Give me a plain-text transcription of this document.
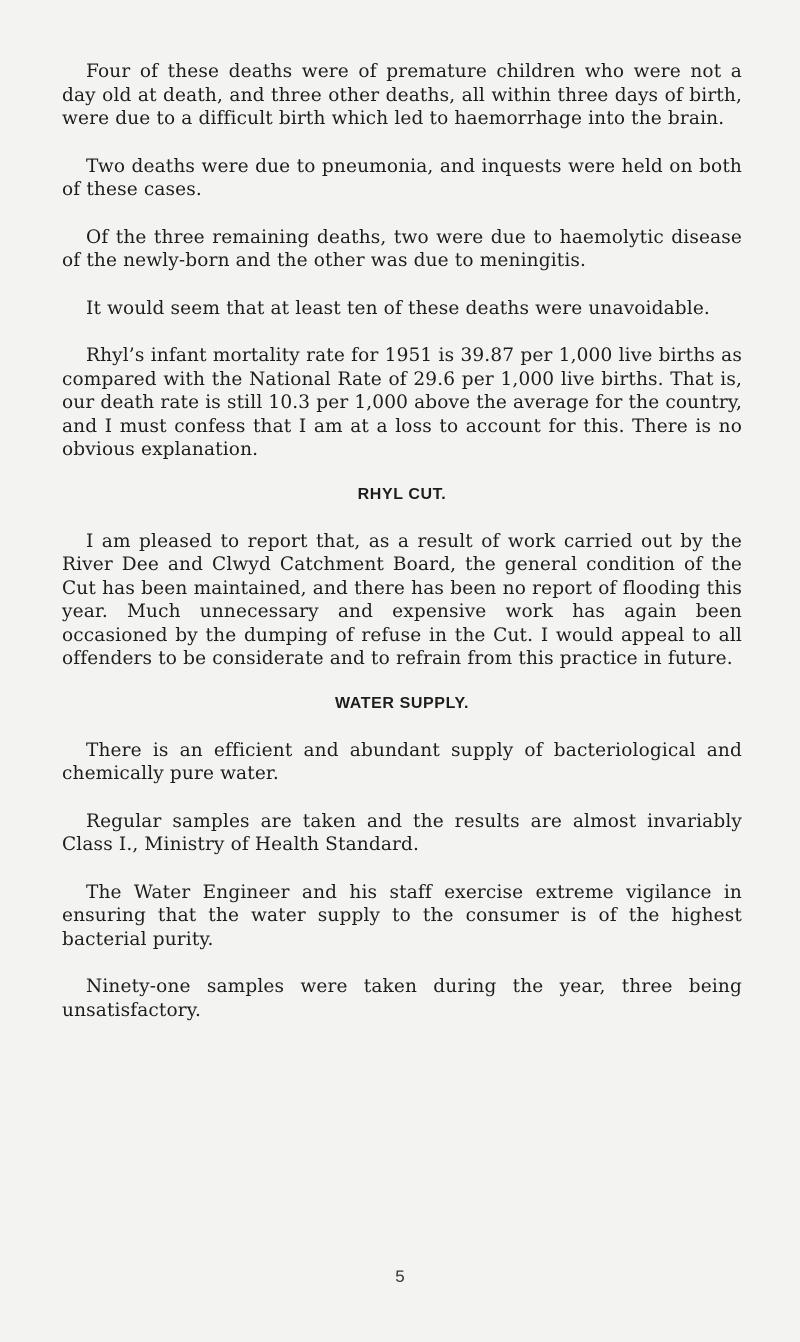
Four of these deaths were of premature children who were not a day old at death, and three other deaths, all within three days of birth, were due to a difficult birth which led to haemorrhage into the brain.

Two deaths were due to pneumonia, and inquests were held on both of these cases.

Of the three remaining deaths, two were due to haemolytic disease of the newly-born and the other was due to meningitis.

It would seem that at least ten of these deaths were unavoidable.

Rhyl’s infant mortality rate for 1951 is 39.87 per 1,000 live births as compared with the National Rate of 29.6 per 1,000 live births. That is, our death rate is still 10.3 per 1,000 above the average for the country, and I must confess that I am at a loss to account for this. There is no obvious explanation.

RHYL CUT.

I am pleased to report that, as a result of work carried out by the River Dee and Clwyd Catchment Board, the general condition of the Cut has been maintained, and there has been no report of flooding this year. Much unnecessary and expensive work has again been occasioned by the dumping of refuse in the Cut. I would appeal to all offenders to be considerate and to refrain from this practice in future.

WATER SUPPLY.

There is an efficient and abundant supply of bacteriological and chemically pure water.

Regular samples are taken and the results are almost invariably Class I., Ministry of Health Standard.

The Water Engineer and his staff exercise extreme vigilance in ensuring that the water supply to the consumer is of the highest bacterial purity.

Ninety-one samples were taken during the year, three being unsatisfactory.

5
